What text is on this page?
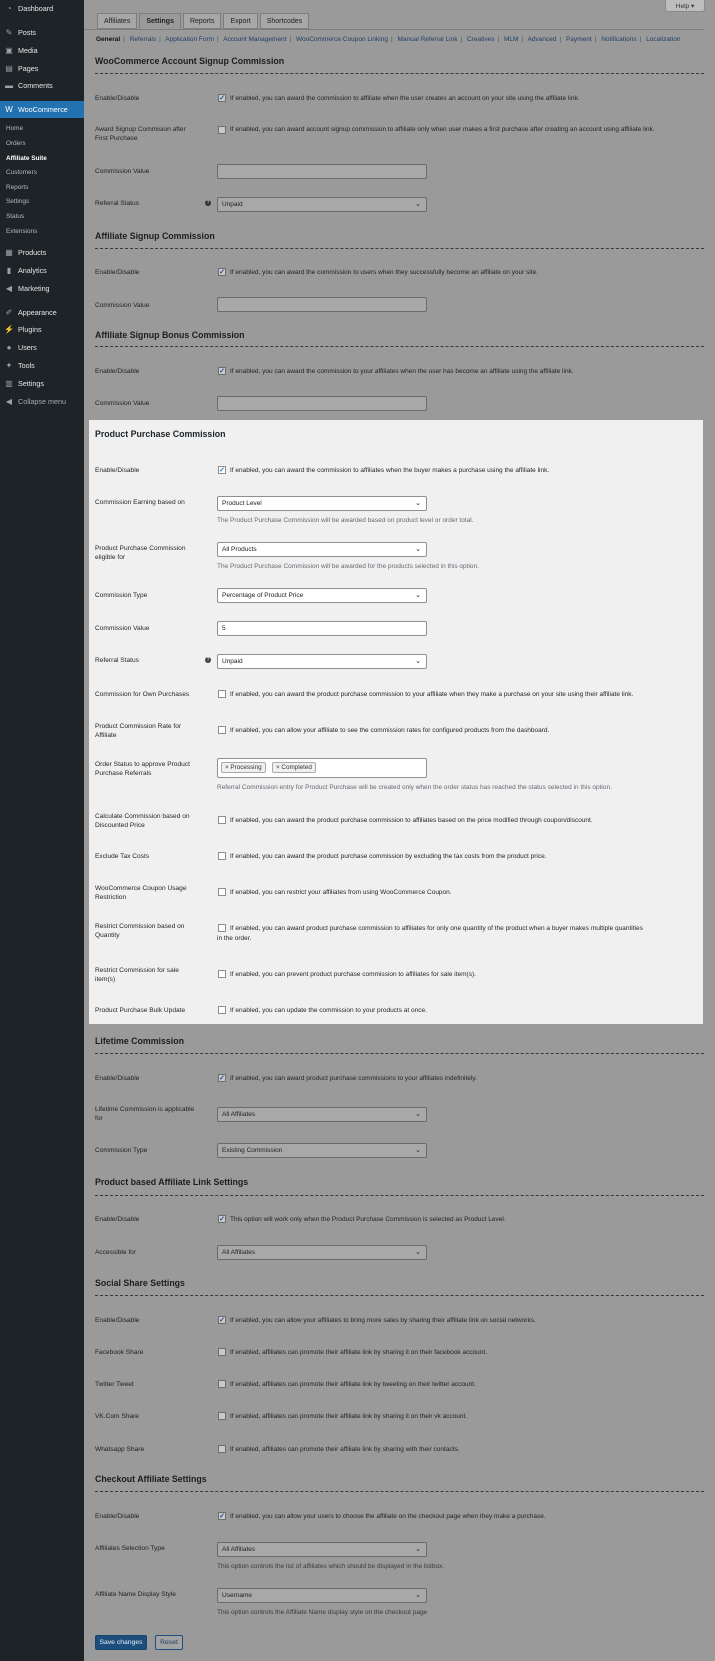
◔ Dashboard
✎ Posts
▣ Media
▤ Pages
▬ Comments
W WooCommerce
Home
Orders
Affiliate Suite
Customers
Reports
Settings
Status
Extensions
▦ Products
▮ Analytics
◀ Marketing
✐ Appearance
⚡ Plugins
● Users
✦ Tools
▥ Settings
◀ Collapse menu
Help ▾
Affiliates	Settings	Reports	Export	Shortcodes
General | Referrals | Application Form | Account Management | WooCommerce Coupon Linking | Manual Referral Link | Creatives | MLM | Advanced | Payment | Notifications | Localization
WooCommerce Account Signup Commission
Enable/Disable	✓ If enabled, you can award the commission to affiliate when the user creates an account on your site using the affiliate link.
Award Signup Commision after First Purchase
If enabled, you can award account signup commission to affiliate only when user makes a first purchase after creating an account using affiliate link.
Commission Value
Referral Status	? Unpaid	⌄
Affiliate Signup Commission
Enable/Disable	✓ If enabled, you can award the commission to users when they successfully become an affiliate on your site.
Commission Value
Affiliate Signup Bonus Commission
Enable/Disable	✓ If enabled, you can award the commission to your affiliates when the user has become an affiliate using the affiliate link.
Commission Value
Product Purchase Commission
Enable/Disable	✓ If enabled, you can award the commission to affiliates when the buyer makes a purchase using the affiliate link.
Commission Earning based on	Product Level	⌄
The Product Purchase Commission will be awarded based on product level or order total.
Product Purchase Commission eligible for
All Products	⌄
The Product Purchase Commission will be awarded for the products selected in this option.
Commission Type	Percentage of Product Price	⌄
Commission Value	5
Referral Status	? Unpaid	⌄
Commission for Own Purchases	If enabled, you can award the product purchase commission to your affiliate when they make a purchase on your site using their affiliate link.
Product Commission Rate for Affiliate
If enabled, you can allow your affiliate to see the commission rates for configured products from the dashboard.
Order Status to approve Product Purchase Referrals
× Processing	× Completed
Referral Commission entry for Product Purchase will be created only when the order status has reached the status selected in this option.
Calculate Commission based on Discounted Price
If enabled, you can award the product purchase commission to affiliates based on the price modified through coupon/discount.
Exclude Tax Costs	If enabled, you can award the product purchase commission by excluding the tax costs from the product price.
WooCommerce Coupon Usage Restriction
If enabled, you can restrict your affiliates from using WooCommerce Coupon.
Restrict Commission based on Quantity
If enabled, you can award product purchase commission to affiliates for only one quantity of the product when a buyer makes multiple quantities
in the order.
Restrict Commission for sale item(s)
If enabled, you can prevent product purchase commission to affiliates for sale item(s).
Product Purchase Bulk Update	If enabled, you can update the commission to your products at once.
Lifetime Commission
Enable/Disable	✓ If enabled, you can award product purchase commissions to your affiliates indefinitely.
Lifetime Commission is applicable for
All Affiliates	⌄
Commission Type	Existing Commission	⌄
Product based Affiliate Link Settings
Enable/Disable	✓ This option will work only when the Product Purchase Commission is selected as Product Level.
Accessible for	All Affiliates	⌄
Social Share Settings
Enable/Disable	✓ If enabled, you can allow your affiliates to bring more sales by sharing their affiliate link on social networks.
Facebook Share	If enabled, affiliates can promote their affiliate link by sharing it on their facebook account.
Twitter Tweet	If enabled, affiliates can promote their affiliate link by tweeting on their twitter account.
VK.Com Share	If enabled, affiliates can promote their affiliate link by sharing it on their vk account.
Whatsapp Share	If enabled, affiliates can promote their affiliate link by sharing with their contacts.
Checkout Affiliate Settings
Enable/Disable	✓ If enabled, you can allow your users to choose the affiliate on the checkout page when they make a purchase.
Affiliates Selection Type	All Affiliates	⌄
This option controls the list of affiliates which should be displayed in the listbox.
Affiliate Name Display Style	Username	⌄
This option controls the Affiliate Name display style on the checkout page
Save changes	Reset
